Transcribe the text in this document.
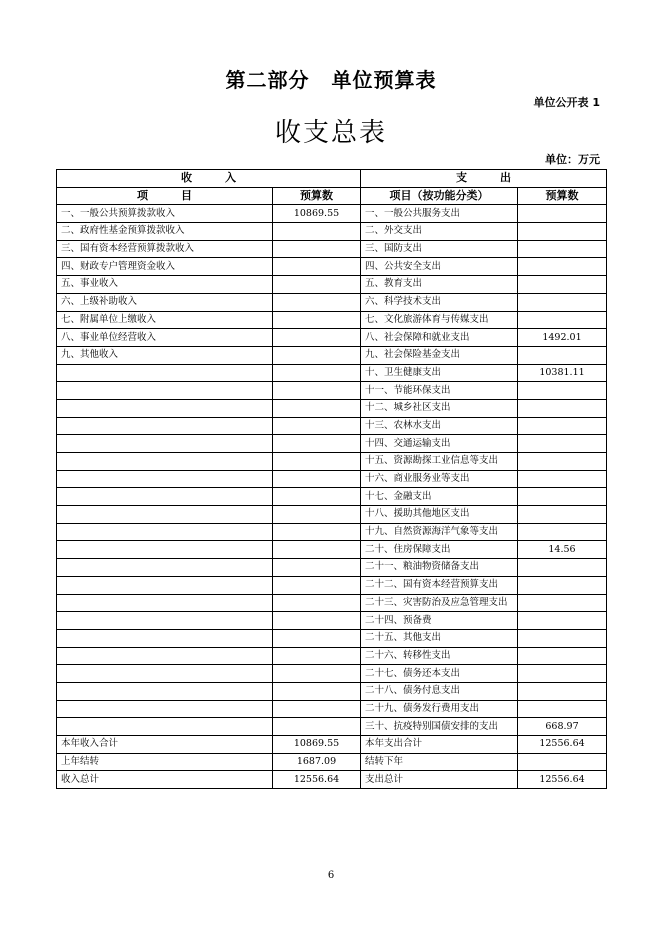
第二部分 单位预算表
单位公开表 1
收支总表
单位：万元
收　　　入		支　　　出	
项　　　目	预算数	项目（按功能分类）	预算数
一、一般公共预算拨款收入	10869.55	一、一般公共服务支出	
二、政府性基金预算拨款收入		二、外交支出	
三、国有资本经营预算拨款收入		三、国防支出	
四、财政专户管理资金收入		四、公共安全支出	
五、事业收入		五、教育支出	
六、上级补助收入		六、科学技术支出	
七、附属单位上缴收入		七、文化旅游体育与传媒支出	
八、事业单位经营收入		八、社会保障和就业支出	1492.01
九、其他收入		九、社会保险基金支出	
		十、卫生健康支出	10381.11
		十一、节能环保支出	
		十二、城乡社区支出	
		十三、农林水支出	
		十四、交通运输支出	
		十五、资源勘探工业信息等支出	
		十六、商业服务业等支出	
		十七、金融支出	
		十八、援助其他地区支出	
		十九、自然资源海洋气象等支出	
		二十、住房保障支出	14.56
		二十一、粮油物资储备支出	
		二十二、国有资本经营预算支出	
		二十三、灾害防治及应急管理支出	
		二十四、预备费	
		二十五、其他支出	
		二十六、转移性支出	
		二十七、债务还本支出	
		二十八、债务付息支出	
		二十九、债务发行费用支出	
		三十、抗疫特别国债安排的支出	668.97
本年收入合计	10869.55	本年支出合计	12556.64
上年结转	1687.09	结转下年	
收入总计	12556.64	支出总计	12556.64
6
